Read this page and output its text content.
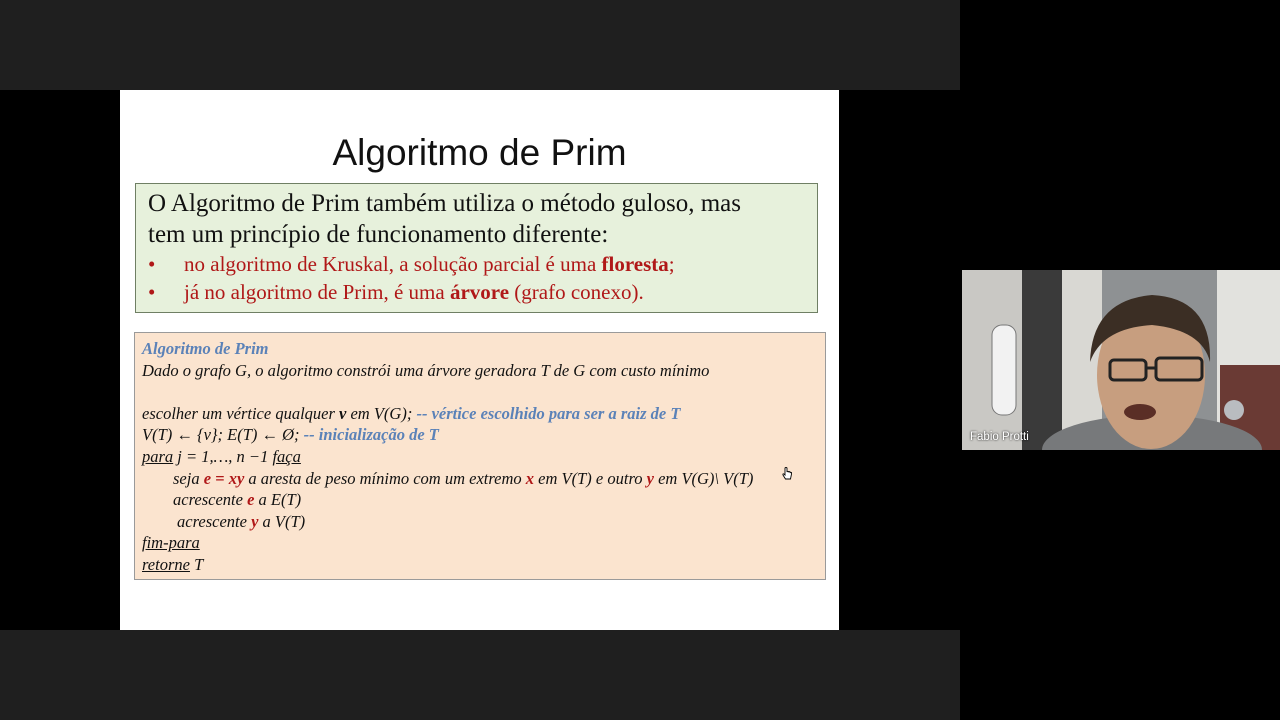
Algoritmo de Prim
O Algoritmo de Prim também utiliza o método guloso, mas
tem um princípio de funcionamento diferente:
• no algoritmo de Kruskal, a solução parcial é uma floresta;
• já no algoritmo de Prim, é uma árvore (grafo conexo).
Algoritmo de Prim
Dado o grafo G, o algoritmo constrói uma árvore geradora T de G com custo mínimo
escolher um vértice qualquer v em V(G); -- vértice escolhido para ser a raiz de T
V(T) ← {v}; E(T) ← Ø; -- inicialização de T
para j = 1,…, n −1 faça
seja e = xy a aresta de peso mínimo com um extremo x em V(T) e outro y em V(G)\ V(T)
acrescente e a E(T)
acrescente y a V(T)
fim-para
retorne T
Fabio Protti
